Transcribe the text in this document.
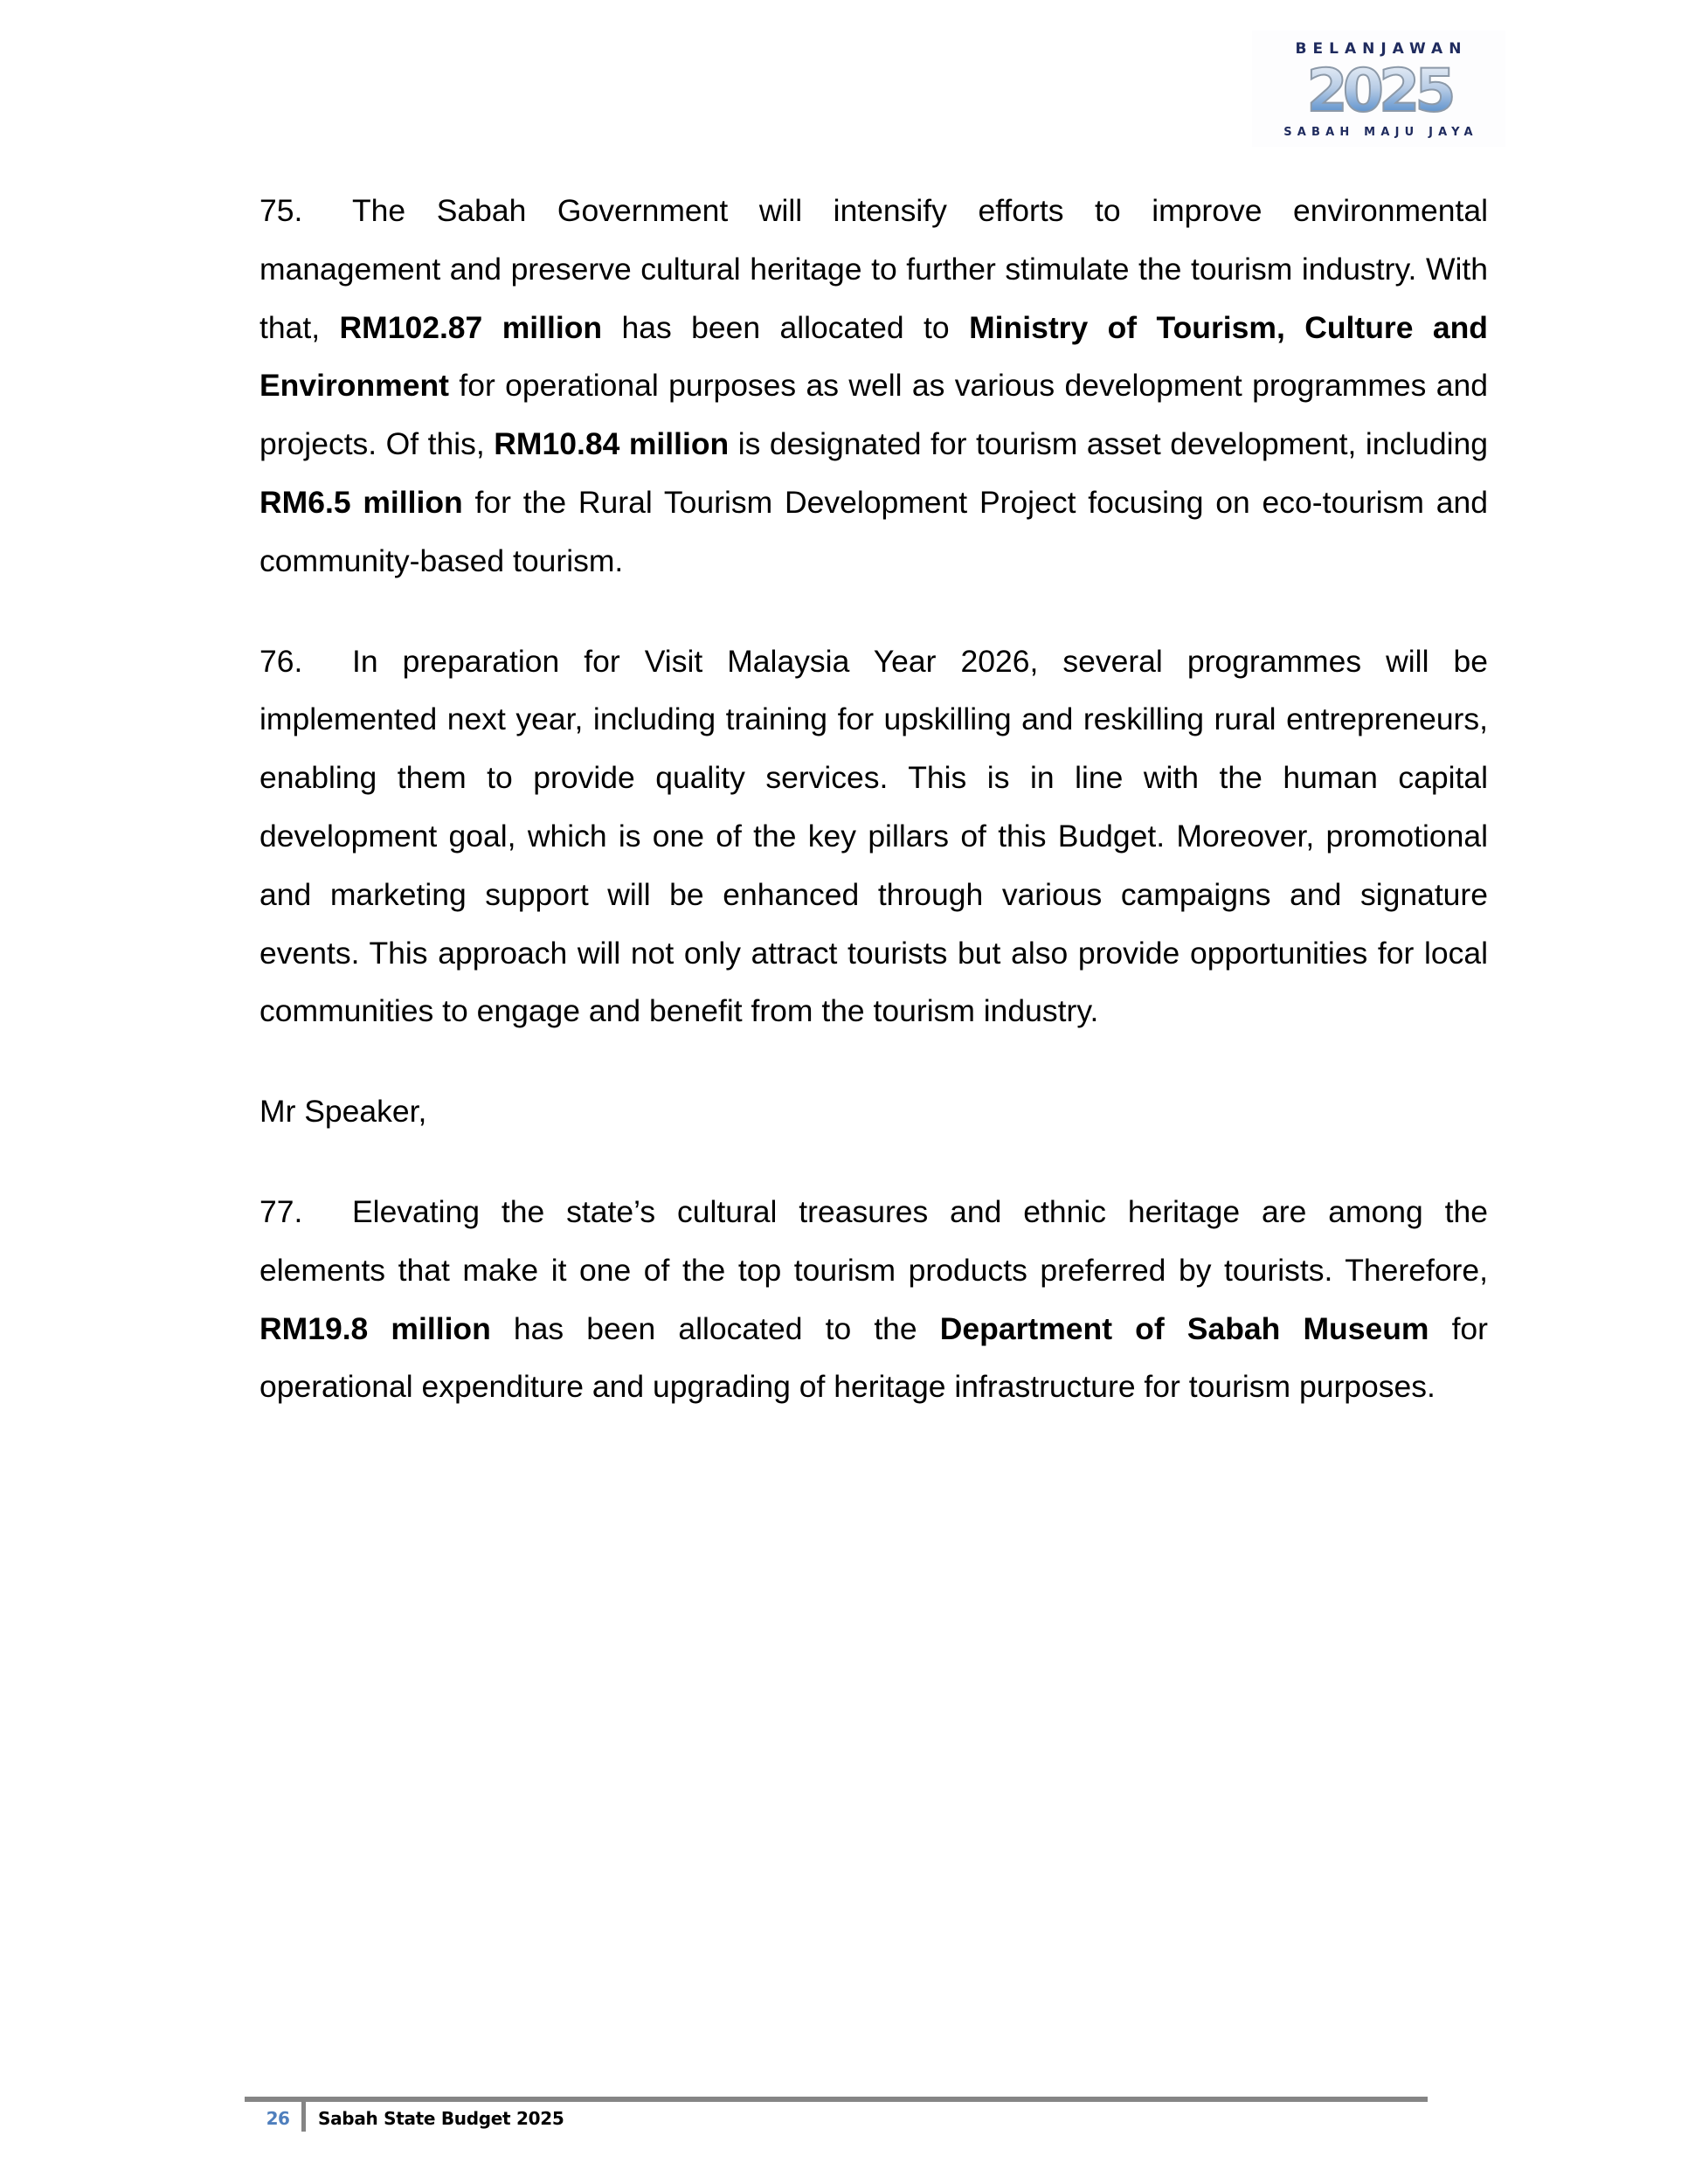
BELANJAWAN
2025
SABAH MAJU JAYA

75. The Sabah Government will intensify efforts to improve environmental management and preserve cultural heritage to further stimulate the tourism industry. With that, RM102.87 million has been allocated to Ministry of Tourism, Culture and Environment for operational purposes as well as various development programmes and projects. Of this, RM10.84 million is designated for tourism asset development, including RM6.5 million for the Rural Tourism Development Project focusing on eco-tourism and community-based tourism.

76. In preparation for Visit Malaysia Year 2026, several programmes will be implemented next year, including training for upskilling and reskilling rural entrepreneurs, enabling them to provide quality services. This is in line with the human capital development goal, which is one of the key pillars of this Budget. Moreover, promotional and marketing support will be enhanced through various campaigns and signature events. This approach will not only attract tourists but also provide opportunities for local communities to engage and benefit from the tourism industry.

Mr Speaker,

77. Elevating the state’s cultural treasures and ethnic heritage are among the elements that make it one of the top tourism products preferred by tourists. Therefore, RM19.8 million has been allocated to the Department of Sabah Museum for operational expenditure and upgrading of heritage infrastructure for tourism purposes.

26 Sabah State Budget 2025
